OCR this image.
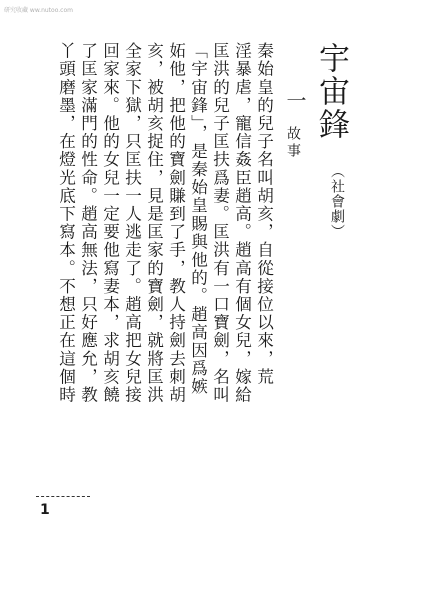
研究收藏 ww.nutoo.com
宇宙鋒
（社會劇）
一
故事
秦始皇的兒子名叫胡亥，自從接位以來，荒
淫暴虐，寵信姦臣趙高。趙高有個女兒，嫁給
匡洪的兒子匡扶爲妻。匡洪有一口寶劍，名叫
「宇宙鋒」，是秦始皇賜與他的。趙高因爲嫉
妬他，把他的寶劍賺到了手，教人持劍去刺胡
亥，被胡亥捉住，見是匡家的寶劍，就將匡洪
全家下獄，只匡扶一人逃走了。趙高把女兒接
回家來。他的女兒一定要他寫妻本，求胡亥饒
了匡家滿門的性命。趙高無法，只好應允，教
丫頭磨墨，在燈光底下寫本。不想正在這個時
1
